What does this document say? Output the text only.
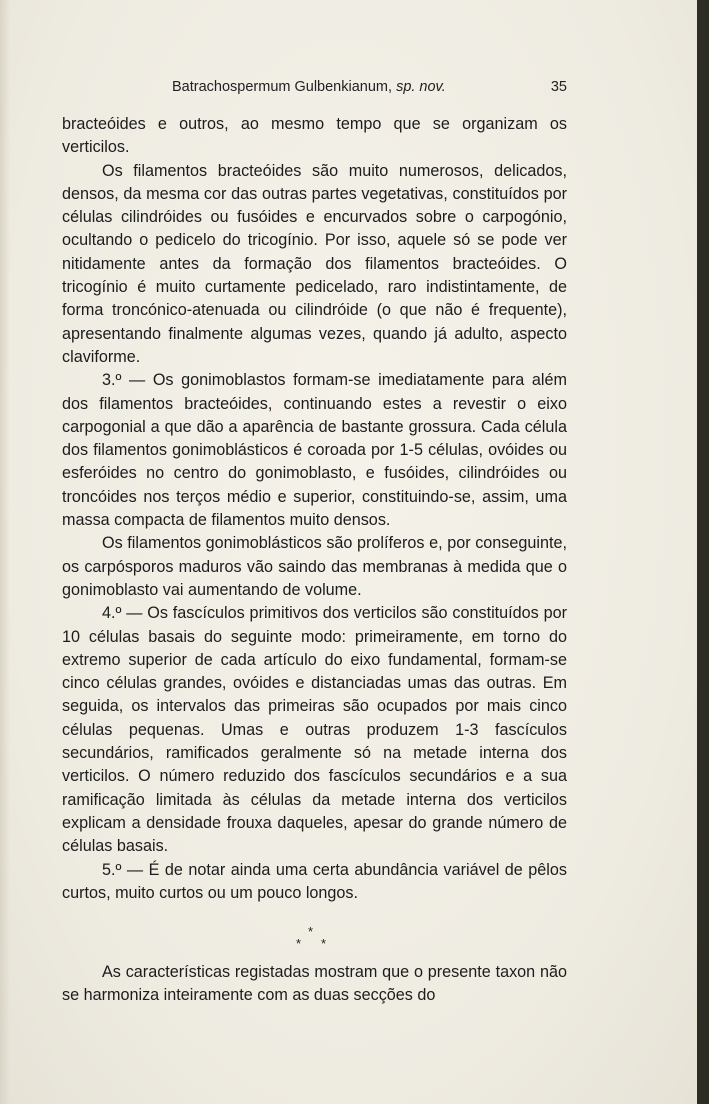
Batrachospermum Gulbenkianum, sp. nov.	35

bracteóides e outros, ao mesmo tempo que se organizam os verticilos.

Os filamentos bracteóides são muito numerosos, delicados, densos, da mesma cor das outras partes vegetativas, constituídos por células cilindróides ou fusóides e encurvados sobre o carpogónio, ocultando o pedicelo do tricogínio. Por isso, aquele só se pode ver nitidamente antes da formação dos filamentos bracteóides. O tricogínio é muito curtamente pedicelado, raro indistintamente, de forma troncónico-atenuada ou cilindróide (o que não é frequente), apresentando finalmente algumas vezes, quando já adulto, aspecto claviforme.

3.º — Os gonimoblastos formam-se imediatamente para além dos filamentos bracteóides, continuando estes a revestir o eixo carpogonial a que dão a aparência de bastante grossura. Cada célula dos filamentos gonimoblásticos é coroada por 1-5 células, ovóides ou esferóides no centro do gonimoblasto, e fusóides, cilindróides ou troncóides nos terços médio e superior, constituindo-se, assim, uma massa compacta de filamentos muito densos.

Os filamentos gonimoblásticos são prolíferos e, por conseguinte, os carpósporos maduros vão saindo das membranas à medida que o gonimoblasto vai aumentando de volume.

4.º — Os fascículos primitivos dos verticilos são constituídos por 10 células basais do seguinte modo: primeiramente, em torno do extremo superior de cada artículo do eixo fundamental, formam-se cinco células grandes, ovóides e distanciadas umas das outras. Em seguida, os intervalos das primeiras são ocupados por mais cinco células pequenas. Umas e outras produzem 1-3 fascículos secundários, ramificados geralmente só na metade interna dos verticilos. O número reduzido dos fascículos secundários e a sua ramificação limitada às células da metade interna dos verticilos explicam a densidade frouxa daqueles, apesar do grande número de células basais.

5.º — É de notar ainda uma certa abundância variável de pêlos curtos, muito curtos ou um pouco longos.

*
* *

As características registadas mostram que o presente taxon não se harmoniza inteiramente com as duas secções do
